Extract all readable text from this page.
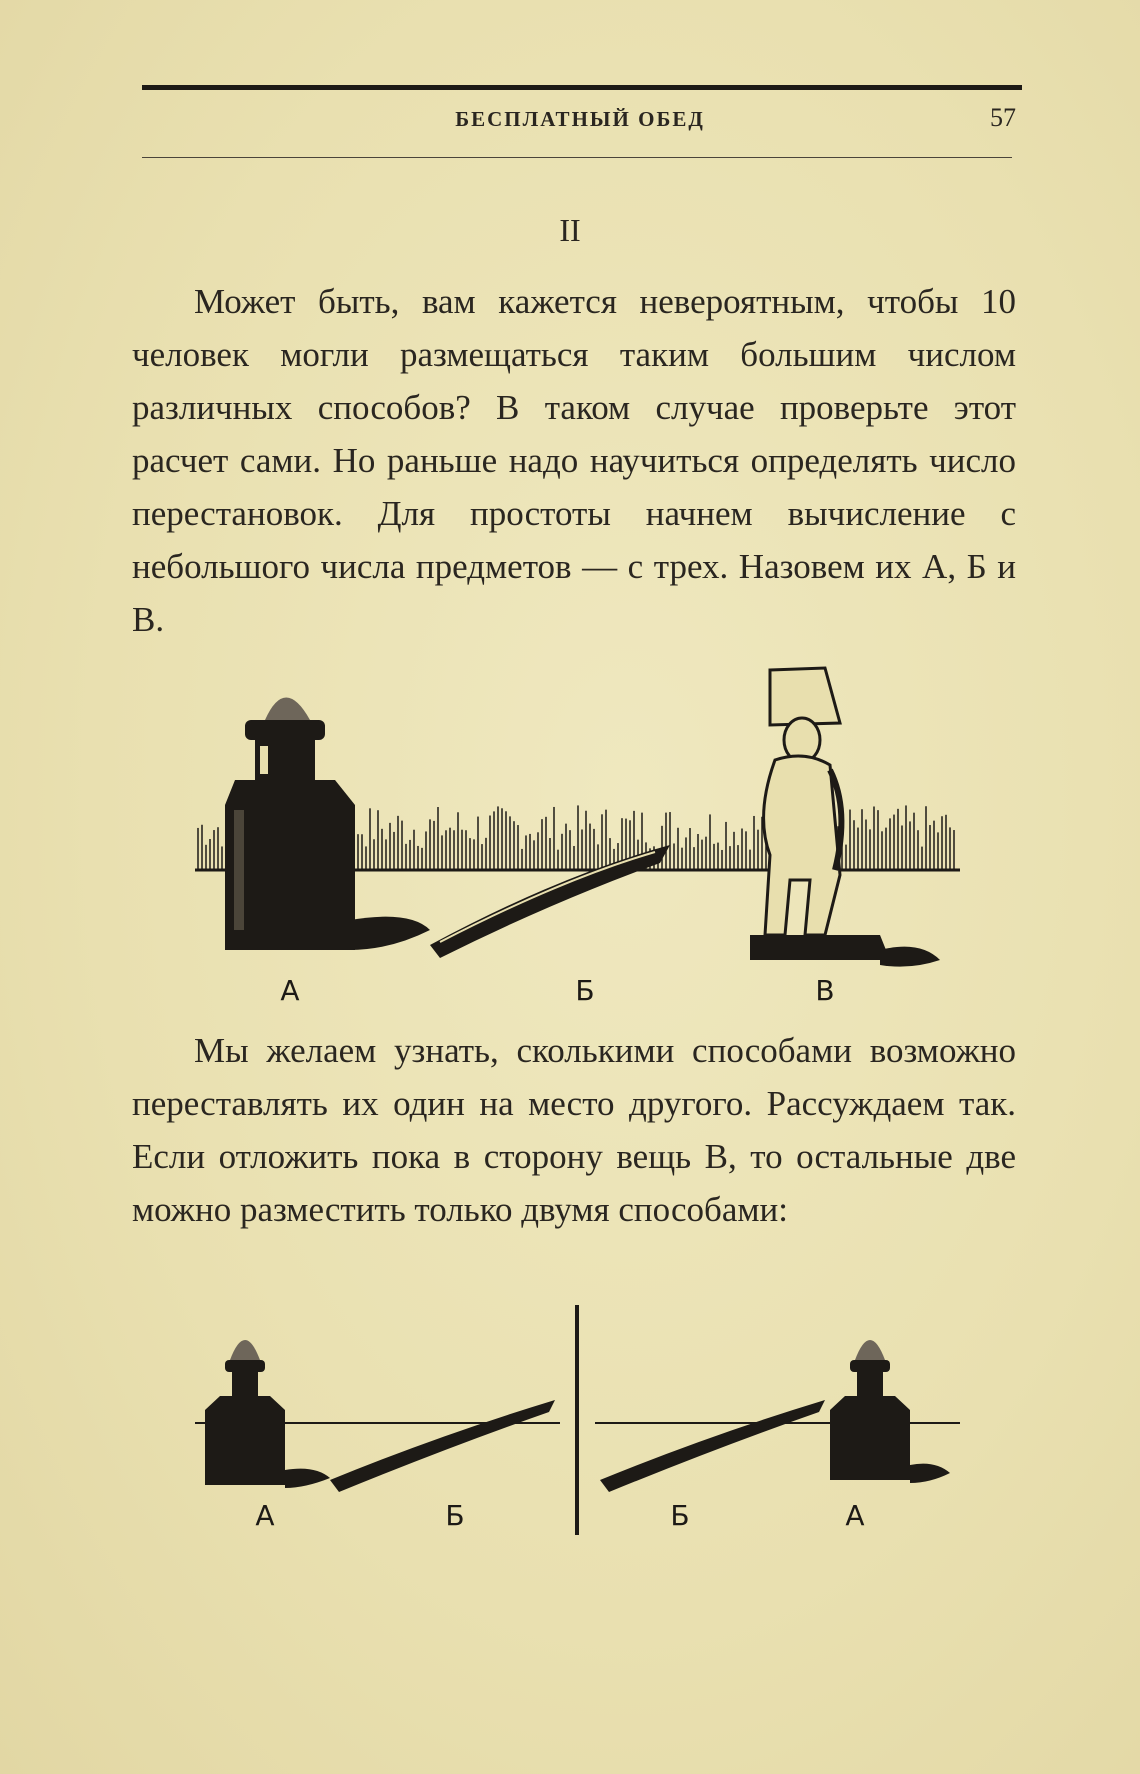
БЕСПЛАТНЫЙ ОБЕД	57
II

Может быть, вам кажется невероятным, чтобы 10 человек могли размещаться таким большим числом различных способов? В таком случае проверьте этот расчет сами. Но раньше надо научиться определять число перестановок. Для простоты начнем вычисление с небольшого числа предметов — с трех. Назовем их А, Б и В.

А	Б	В

Мы желаем узнать, сколькими способами возможно переставлять их один на место другого. Рассуждаем так. Если отложить пока в сторону вещь В, то остальные две можно разместить только двумя способами:

А	Б	Б	А
